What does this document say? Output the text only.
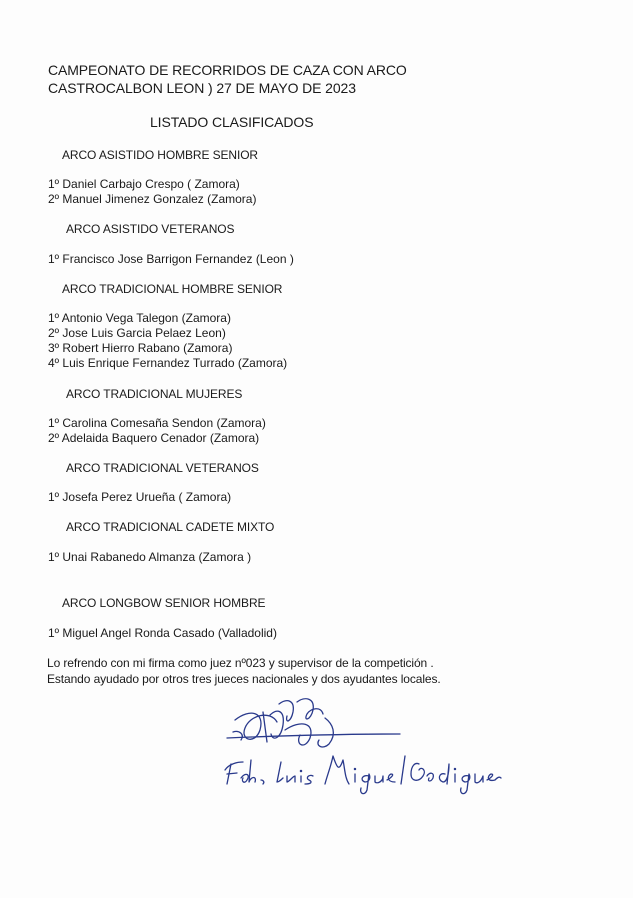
CAMPEONATO DE RECORRIDOS DE CAZA CON ARCO
CASTROCALBON LEON ) 27 DE MAYO DE 2023
LISTADO CLASIFICADOS
ARCO ASISTIDO HOMBRE SENIOR
1º Daniel Carbajo Crespo ( Zamora)
2º Manuel Jimenez Gonzalez (Zamora)
ARCO ASISTIDO VETERANOS
1º Francisco Jose Barrigon Fernandez (Leon )
ARCO TRADICIONAL HOMBRE SENIOR
1º Antonio Vega Talegon (Zamora)
2º Jose Luis Garcia Pelaez Leon)
3º Robert Hierro Rabano (Zamora)
4º Luis Enrique Fernandez Turrado (Zamora)
ARCO TRADICIONAL MUJERES
1º Carolina Comesaña Sendon (Zamora)
2º Adelaida Baquero Cenador (Zamora)
ARCO TRADICIONAL VETERANOS
1º Josefa Perez Urueña ( Zamora)
ARCO TRADICIONAL CADETE MIXTO
1º Unai Rabanedo Almanza (Zamora )
ARCO LONGBOW SENIOR HOMBRE
1º Miguel Angel Ronda Casado (Valladolid)
Lo refrendo con mi firma como juez nº023 y supervisor de la competición .
Estando ayudado por otros tres jueces nacionales y dos ayudantes locales.
